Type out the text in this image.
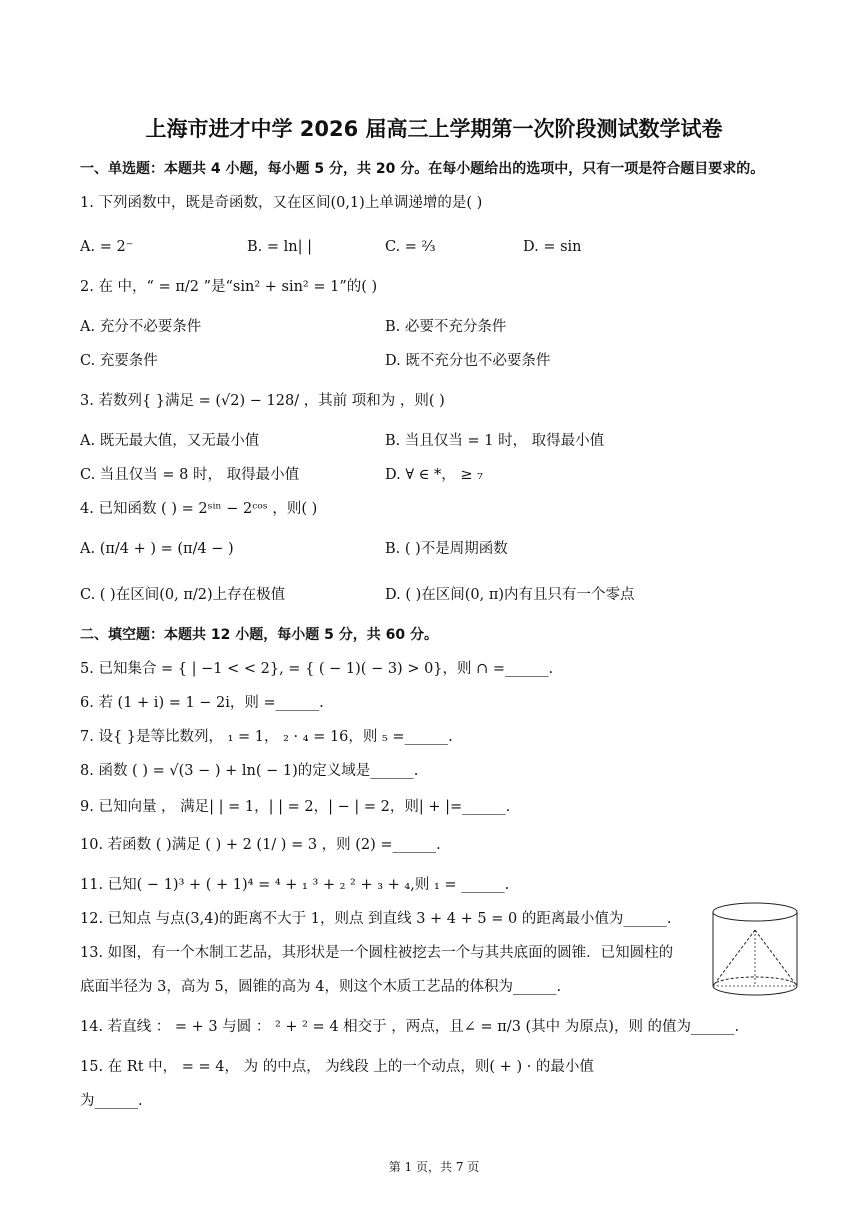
上海市进才中学 2026 届高三上学期第一次阶段测试数学试卷
一、单选题：本题共 4 小题，每小题 5 分，共 20 分。在每小题给出的选项中，只有一项是符合题目要求的。
1. 下列函数中，既是奇函数，又在区间(0,1)上单调递增的是( )
A. = 2⁻	B. = ln| |	C. = ²⁄₃	D. = sin
2. 在 中，“ = π/2 ”是“sin² + sin² = 1”的( )
A. 充分不必要条件	B. 必要不充分条件
C. 充要条件	D. 既不充分也不必要条件
3. 若数列{ }满足 = (√2) − 128/ ，其前 项和为 ，则( )
A. 既无最大值，又无最小值	B. 当且仅当 = 1 时， 取得最小值
C. 当且仅当 = 8 时， 取得最小值	D. ∀ ∈ *， ≥ ₇
4. 已知函数 ( ) = 2ˢⁱⁿ − 2ᶜᵒˢ ，则( )
A. (π/4 + ) = (π/4 − )	B. ( )不是周期函数
C. ( )在区间(0, π/2)上存在极值	D. ( )在区间(0, π)内有且只有一个零点
二、填空题：本题共 12 小题，每小题 5 分，共 60 分。
5. 已知集合 = { | −1 < < 2}, = { ( − 1)( − 3) > 0}，则 ∩ =______.
6. 若 (1 + i) = 1 − 2i，则 =______.
7. 设{ }是等比数列， ₁ = 1， ₂ · ₄ = 16，则 ₅ =______.
8. 函数 ( ) = √(3 − ) + ln( − 1)的定义域是______.
9. 已知向量 ， 满足| | = 1，| | = 2，| − | = 2，则| + |=______.
10. 若函数 ( )满足 ( ) + 2 (1/ ) = 3 ，则 (2) =______.
11. 已知( − 1)³ + ( + 1)⁴ = ⁴ + ₁ ³ + ₂ ² + ₃ + ₄,则 ₁ = ______.
12. 已知点 与点(3,4)的距离不大于 1，则点 到直线 3 + 4 + 5 = 0 的距离最小值为______.
13. 如图，有一个木制工艺品，其形状是一个圆柱被挖去一个与其共底面的圆锥．已知圆柱的
底面半径为 3，高为 5，圆锥的高为 4，则这个木质工艺品的体积为______.
14. 若直线 ： = + 3 与圆 ： ² + ² = 4 相交于 ，两点，且∠ = π/3 (其中 为原点)，则 的值为______.
15. 在 Rt 中， = = 4， 为 的中点， 为线段 上的一个动点，则( + ) · 的最小值
为______.
第 1 页，共 7 页
